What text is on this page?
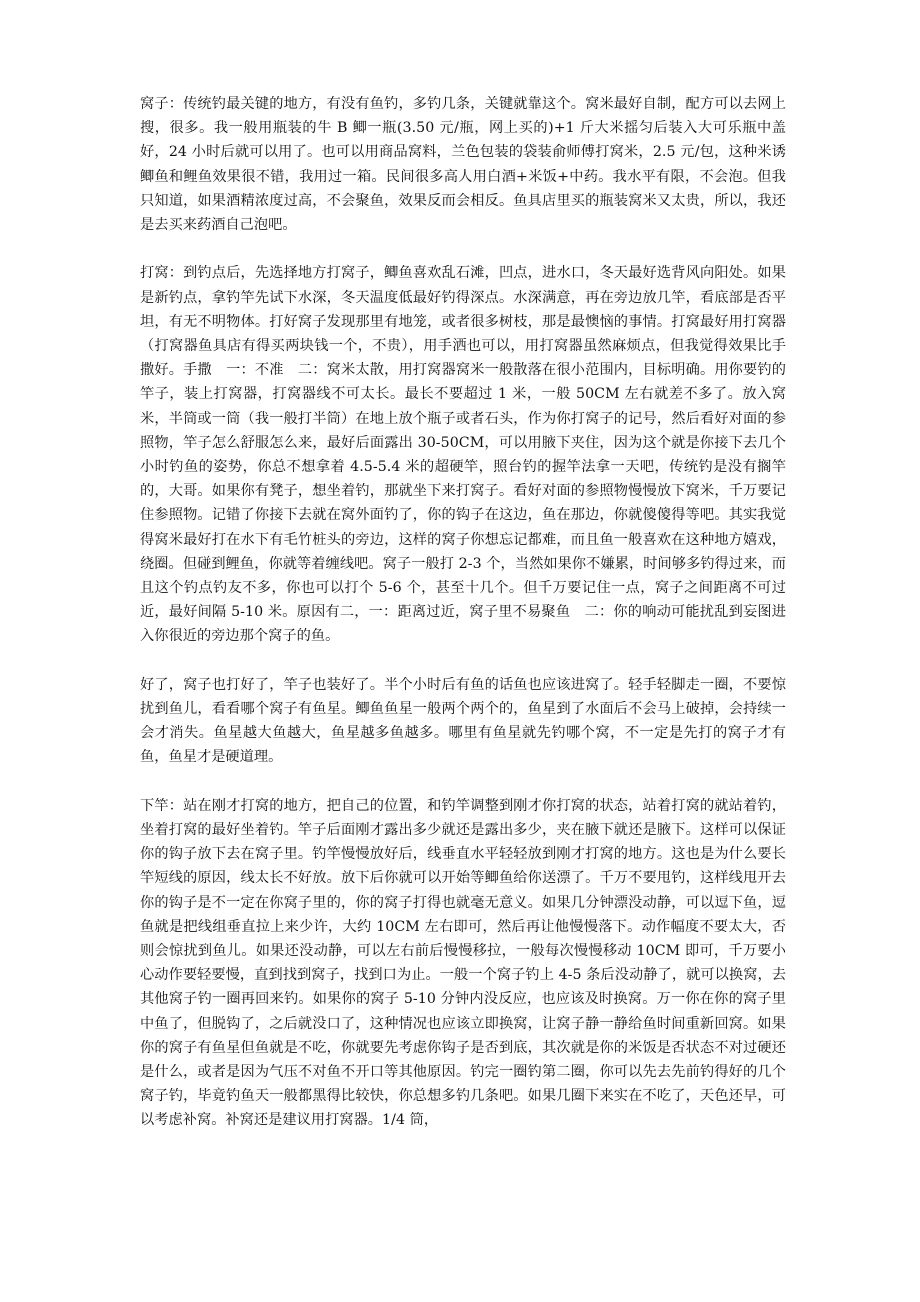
窝子：传统钓最关键的地方，有没有鱼钓，多钓几条，关键就靠这个。窝米最好自制，配方可以去网上搜，很多。我一般用瓶装的牛 B 鲫一瓶(3.50 元/瓶，网上买的)+1 斤大米摇匀后装入大可乐瓶中盖好，24 小时后就可以用了。也可以用商品窝料，兰色包装的袋装俞师傅打窝米，2.5 元/包，这种米诱鲫鱼和鲤鱼效果很不错，我用过一箱。民间很多高人用白酒+米饭+中药。我水平有限，不会泡。但我只知道，如果酒精浓度过高，不会聚鱼，效果反而会相反。鱼具店里买的瓶装窝米又太贵，所以，我还是去买来药酒自己泡吧。

打窝：到钓点后，先选择地方打窝子，鲫鱼喜欢乱石滩，凹点，进水口，冬天最好选背风向阳处。如果是新钓点，拿钓竿先试下水深，冬天温度低最好钓得深点。水深满意，再在旁边放几竿，看底部是否平坦，有无不明物体。打好窝子发现那里有地笼，或者很多树枝，那是最懊恼的事情。打窝最好用打窝器（打窝器鱼具店有得买两块钱一个，不贵），用手洒也可以，用打窝器虽然麻烦点，但我觉得效果比手撒好。手撒　一：不准　二：窝米太散，用打窝器窝米一般散落在很小范围内，目标明确。用你要钓的竿子，装上打窝器，打窝器线不可太长。最长不要超过 1 米，一般 50CM 左右就差不多了。放入窝米，半筒或一筒（我一般打半筒）在地上放个瓶子或者石头，作为你打窝子的记号，然后看好对面的参照物，竿子怎么舒服怎么来，最好后面露出 30-50CM，可以用腋下夹住，因为这个就是你接下去几个小时钓鱼的姿势，你总不想拿着 4.5-5.4 米的超硬竿，照台钓的握竿法拿一天吧，传统钓是没有搁竿的，大哥。如果你有凳子，想坐着钓，那就坐下来打窝子。看好对面的参照物慢慢放下窝米，千万要记住参照物。记错了你接下去就在窝外面钓了，你的钩子在这边，鱼在那边，你就傻傻得等吧。其实我觉得窝米最好打在水下有毛竹桩头的旁边，这样的窝子你想忘记都难，而且鱼一般喜欢在这种地方嬉戏，绕圈。但碰到鲤鱼，你就等着缠线吧。窝子一般打 2-3 个，当然如果你不嫌累，时间够多钓得过来，而且这个钓点钓友不多，你也可以打个 5-6 个，甚至十几个。但千万要记住一点，窝子之间距离不可过近，最好间隔 5-10 米。原因有二，一：距离过近，窝子里不易聚鱼　二：你的响动可能扰乱到妄图进入你很近的旁边那个窝子的鱼。

好了，窝子也打好了，竿子也装好了。半个小时后有鱼的话鱼也应该进窝了。轻手轻脚走一圈，不要惊扰到鱼儿，看看哪个窝子有鱼星。鲫鱼鱼星一般两个两个的，鱼星到了水面后不会马上破掉，会持续一会才消失。鱼星越大鱼越大，鱼星越多鱼越多。哪里有鱼星就先钓哪个窝，不一定是先打的窝子才有鱼，鱼星才是硬道理。

下竿：站在刚才打窝的地方，把自己的位置，和钓竿调整到刚才你打窝的状态，站着打窝的就站着钓，坐着打窝的最好坐着钓。竿子后面刚才露出多少就还是露出多少，夹在腋下就还是腋下。这样可以保证你的钩子放下去在窝子里。钓竿慢慢放好后，线垂直水平轻轻放到刚才打窝的地方。这也是为什么要长竿短线的原因，线太长不好放。放下后你就可以开始等鲫鱼给你送漂了。千万不要甩钓，这样线甩开去你的钩子是不一定在你窝子里的，你的窝子打得也就毫无意义。如果几分钟漂没动静，可以逗下鱼，逗鱼就是把线组垂直拉上来少许，大约 10CM 左右即可，然后再让他慢慢落下。动作幅度不要太大，否则会惊扰到鱼儿。如果还没动静，可以左右前后慢慢移拉，一般每次慢慢移动 10CM 即可，千万要小心动作要轻要慢，直到找到窝子，找到口为止。一般一个窝子钓上 4-5 条后没动静了，就可以换窝，去其他窝子钓一圈再回来钓。如果你的窝子 5-10 分钟内没反应，也应该及时换窝。万一你在你的窝子里中鱼了，但脱钩了，之后就没口了，这种情况也应该立即换窝，让窝子静一静给鱼时间重新回窝。如果你的窝子有鱼星但鱼就是不吃，你就要先考虑你钩子是否到底，其次就是你的米饭是否状态不对过硬还是什么，或者是因为气压不对鱼不开口等其他原因。钓完一圈钓第二圈，你可以先去先前钓得好的几个窝子钓，毕竟钓鱼天一般都黑得比较快，你总想多钓几条吧。如果几圈下来实在不吃了，天色还早，可以考虑补窝。补窝还是建议用打窝器。1/4 筒，
